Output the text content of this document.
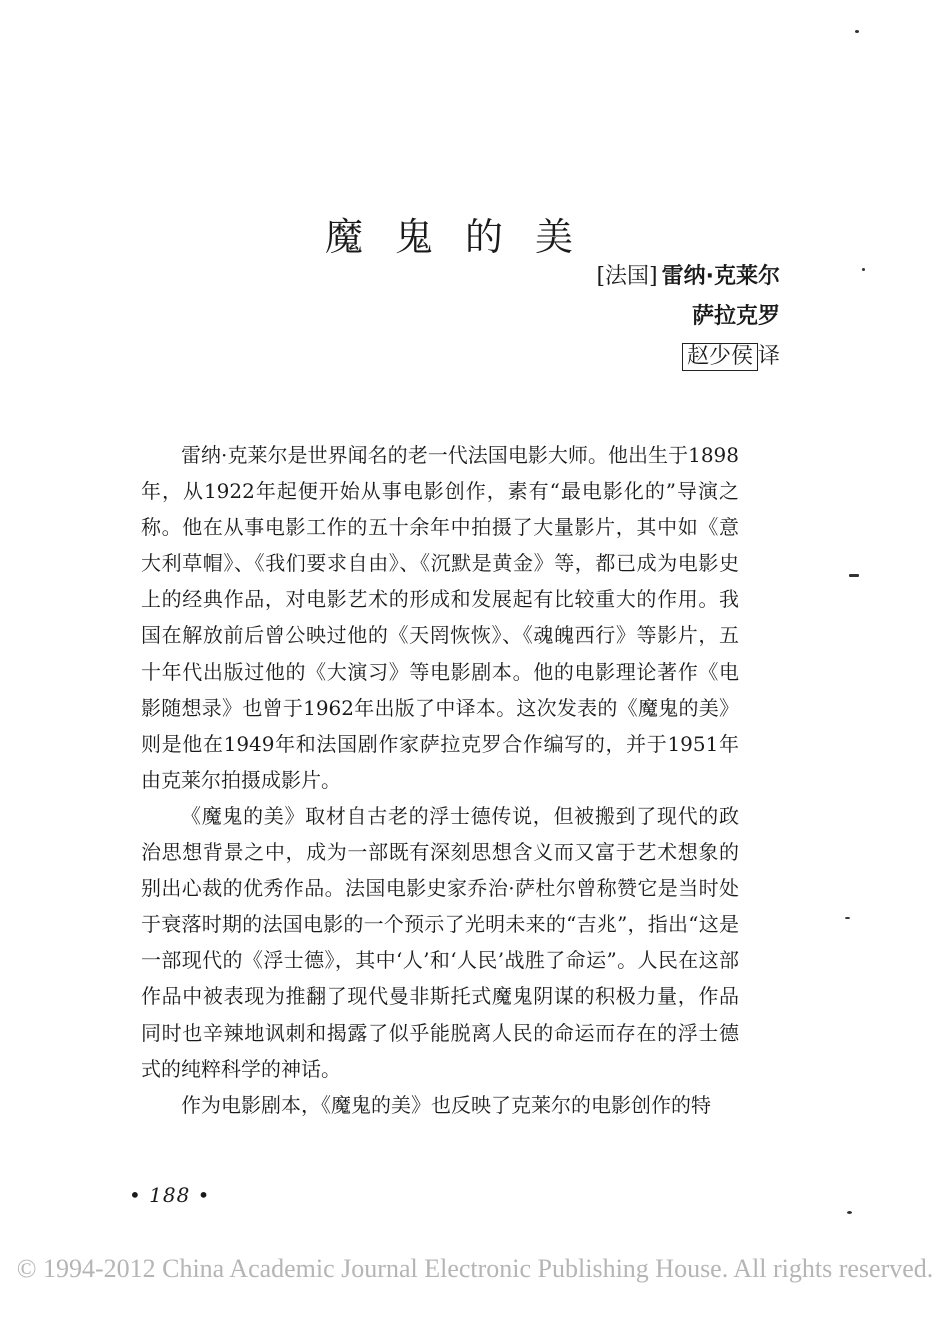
魔鬼的美
[法国] 雷纳·克莱尔
萨拉克罗
赵少侯 译

雷纳·克莱尔是世界闻名的老一代法国电影大师。他出生于1898年，从1922年起便开始从事电影创作，素有“最电影化的”导演之称。他在从事电影工作的五十余年中拍摄了大量影片，其中如《意大利草帽》、《我们要求自由》、《沉默是黄金》等，都已成为电影史上的经典作品，对电影艺术的形成和发展起有比较重大的作用。我国在解放前后曾公映过他的《天罔恢恢》、《魂魄西行》等影片，五十年代出版过他的《大演习》等电影剧本。他的电影理论著作《电影随想录》也曾于1962年出版了中译本。这次发表的《魔鬼的美》则是他在1949年和法国剧作家萨拉克罗合作编写的，并于1951年由克莱尔拍摄成影片。

《魔鬼的美》取材自古老的浮士德传说，但被搬到了现代的政治思想背景之中，成为一部既有深刻思想含义而又富于艺术想象的别出心裁的优秀作品。法国电影史家乔治·萨杜尔曾称赞它是当时处于衰落时期的法国电影的一个预示了光明未来的“吉兆”，指出“这是一部现代的《浮士德》，其中‘人’和‘人民’战胜了命运”。人民在这部作品中被表现为推翻了现代曼非斯托式魔鬼阴谋的积极力量，作品同时也辛辣地讽刺和揭露了似乎能脱离人民的命运而存在的浮士德式的纯粹科学的神话。

作为电影剧本，《魔鬼的美》也反映了克莱尔的电影创作的特

• 188 •
© 1994-2012 China Academic Journal Electronic Publishing House. All rights reserved.
